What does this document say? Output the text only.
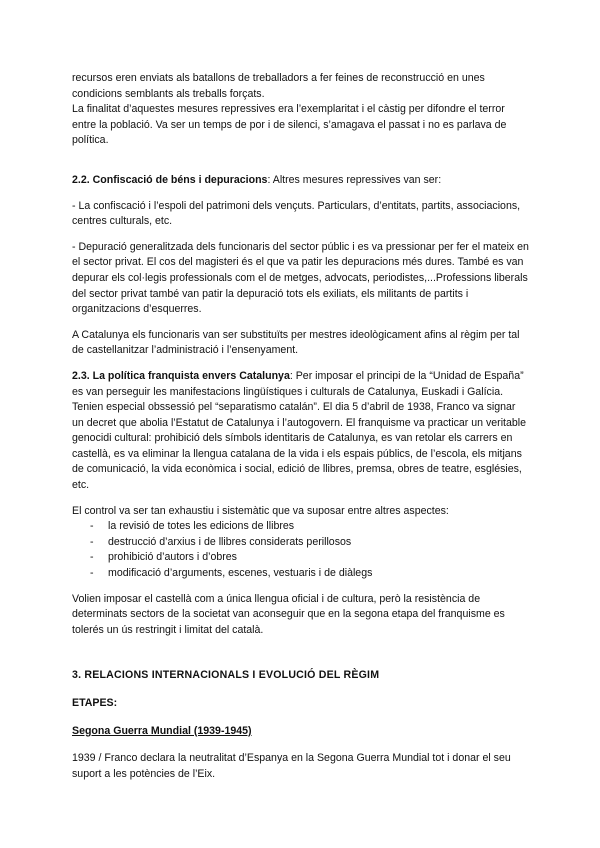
recursos eren enviats als batallons de treballadors a fer feines de reconstrucció en unes condicions semblants als treballs forçats.

La finalitat d’aquestes mesures repressives era l’exemplaritat i el càstig per difondre el terror entre la població. Va ser un temps de por i de silenci, s’amagava el passat i no es parlava de política.

2.2. Confiscació de béns i depuracions: Altres mesures repressives van ser:

- La confiscació i l’espoli del patrimoni dels vençuts. Particulars, d’entitats, partits, associacions, centres culturals, etc.

- Depuració generalitzada dels funcionaris del sector públic i es va pressionar per fer el mateix en el sector privat. El cos del magisteri és el que va patir les depuracions més dures. També es van depurar els col·legis professionals com el de metges, advocats, periodistes,...Professions liberals del sector privat també van patir la depuració tots els exiliats, els militants de partits i organitzacions d’esquerres.

A Catalunya els funcionaris van ser substituïts per mestres ideològicament afins al règim per tal de castellanitzar l’administració i l’ensenyament.

2.3. La política franquista envers Catalunya: Per imposar el principi de la “Unidad de España” es van perseguir les manifestacions lingüístiques i culturals de Catalunya, Euskadi i Galícia. Tenien especial obssessió pel “separatismo catalán”. El dia 5 d’abril de 1938, Franco va signar un decret que abolia l’Estatut de Catalunya i l’autogovern. El franquisme va practicar un veritable genocidi cultural: prohibició dels símbols identitaris de Catalunya, es van retolar els carrers en castellà, es va eliminar la llengua catalana de la vida i els espais públics, de l’escola, els mitjans de comunicació, la vida econòmica i social, edició de llibres, premsa, obres de teatre, esglésies, etc.

El control va ser tan exhaustiu i sistemàtic que va suposar entre altres aspectes:

- la revisió de totes les edicions de llibres
- destrucció d’arxius i de llibres considerats perillosos
- prohibició d’autors i d’obres
- modificació d’arguments, escenes, vestuaris i de diàlegs

Volien imposar el castellà com a única llengua oficial i de cultura, però la resistència de determinats sectors de la societat van aconseguir que en la segona etapa del franquisme es tolerés un ús restringit i limitat del català.

3. RELACIONS INTERNACIONALS I EVOLUCIÓ DEL RÈGIM

ETAPES:

Segona Guerra Mundial (1939-1945)

1939 / Franco declara la neutralitat d’Espanya en la Segona Guerra Mundial tot i donar el seu suport a les potències de l’Eix.
